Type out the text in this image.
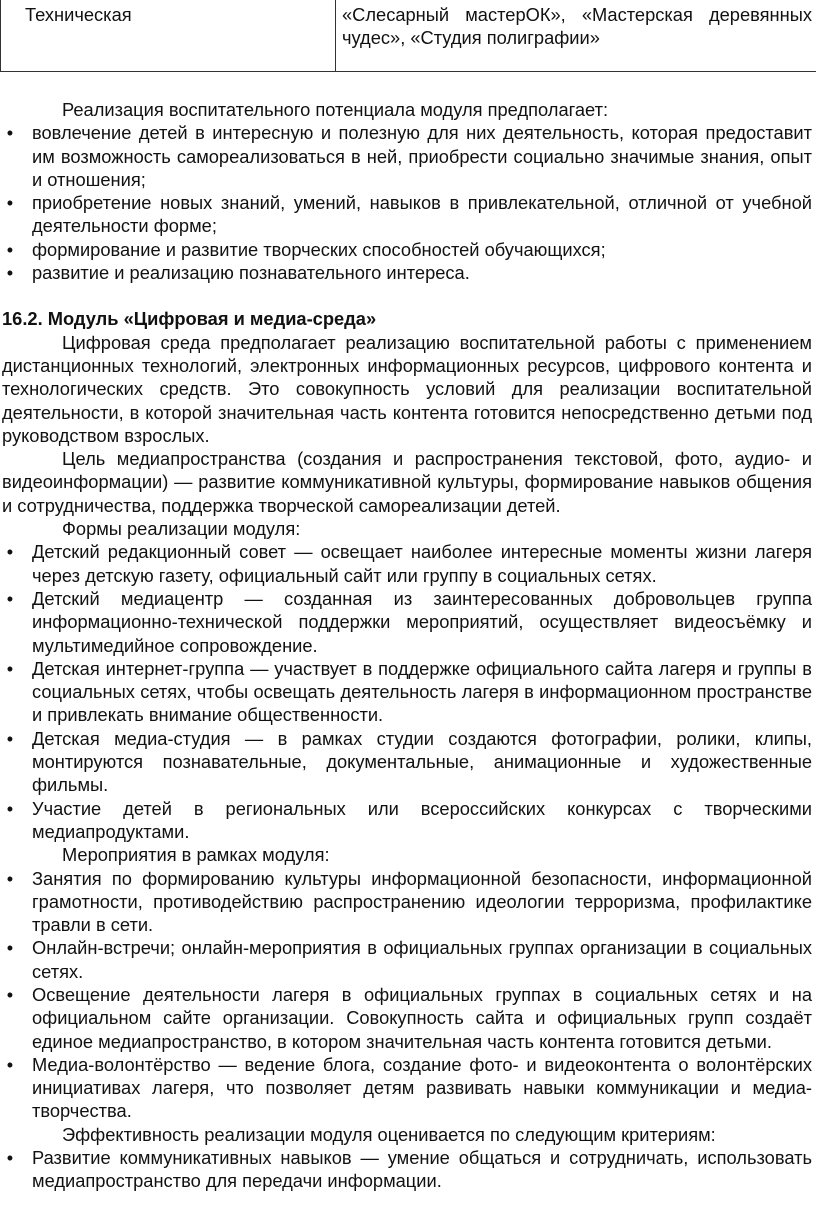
Техническая	«Слесарный мастерОК», «Мастерская деревянных чудес», «Студия полиграфии»

Реализация воспитательного потенциала модуля предполагает:

• вовлечение детей в интересную и полезную для них деятельность, которая предоставит им возможность самореализоваться в ней, приобрести социально значимые знания, опыт и отношения;
• приобретение новых знаний, умений, навыков в привлекательной, отличной от учебной деятельности форме;
• формирование и развитие творческих способностей обучающихся;
• развитие и реализацию познавательного интереса.

16.2. Модуль «Цифровая и медиа-среда»

Цифровая среда предполагает реализацию воспитательной работы с применением дистанционных технологий, электронных информационных ресурсов, цифрового контента и технологических средств. Это совокупность условий для реализации воспитательной деятельности, в которой значительная часть контента готовится непосредственно детьми под руководством взрослых.

Цель медиапространства (создания и распространения текстовой, фото, аудио- и видеоинформации) — развитие коммуникативной культуры, формирование навыков общения и сотрудничества, поддержка творческой самореализации детей.

Формы реализации модуля:

• Детский редакционный совет — освещает наиболее интересные моменты жизни лагеря через детскую газету, официальный сайт или группу в социальных сетях.
• Детский медиацентр — созданная из заинтересованных добровольцев группа информационно-технической поддержки мероприятий, осуществляет видеосъёмку и мультимедийное сопровождение.
• Детская интернет-группа — участвует в поддержке официального сайта лагеря и группы в социальных сетях, чтобы освещать деятельность лагеря в информационном пространстве и привлекать внимание общественности.
• Детская медиа-студия — в рамках студии создаются фотографии, ролики, клипы, монтируются познавательные, документальные, анимационные и художественные фильмы.
• Участие детей в региональных или всероссийских конкурсах с творческими медиапродуктами.

Мероприятия в рамках модуля:

• Занятия по формированию культуры информационной безопасности, информационной грамотности, противодействию распространению идеологии терроризма, профилактике травли в сети.
• Онлайн-встречи; онлайн-мероприятия в официальных группах организации в социальных сетях.
• Освещение деятельности лагеря в официальных группах в социальных сетях и на официальном сайте организации. Совокупность сайта и официальных групп создаёт единое медиапространство, в котором значительная часть контента готовится детьми.
• Медиа-волонтёрство — ведение блога, создание фото- и видеоконтента о волонтёрских инициативах лагеря, что позволяет детям развивать навыки коммуникации и медиа-творчества.

Эффективность реализации модуля оценивается по следующим критериям:

• Развитие коммуникативных навыков — умение общаться и сотрудничать, использовать медиапространство для передачи информации.
